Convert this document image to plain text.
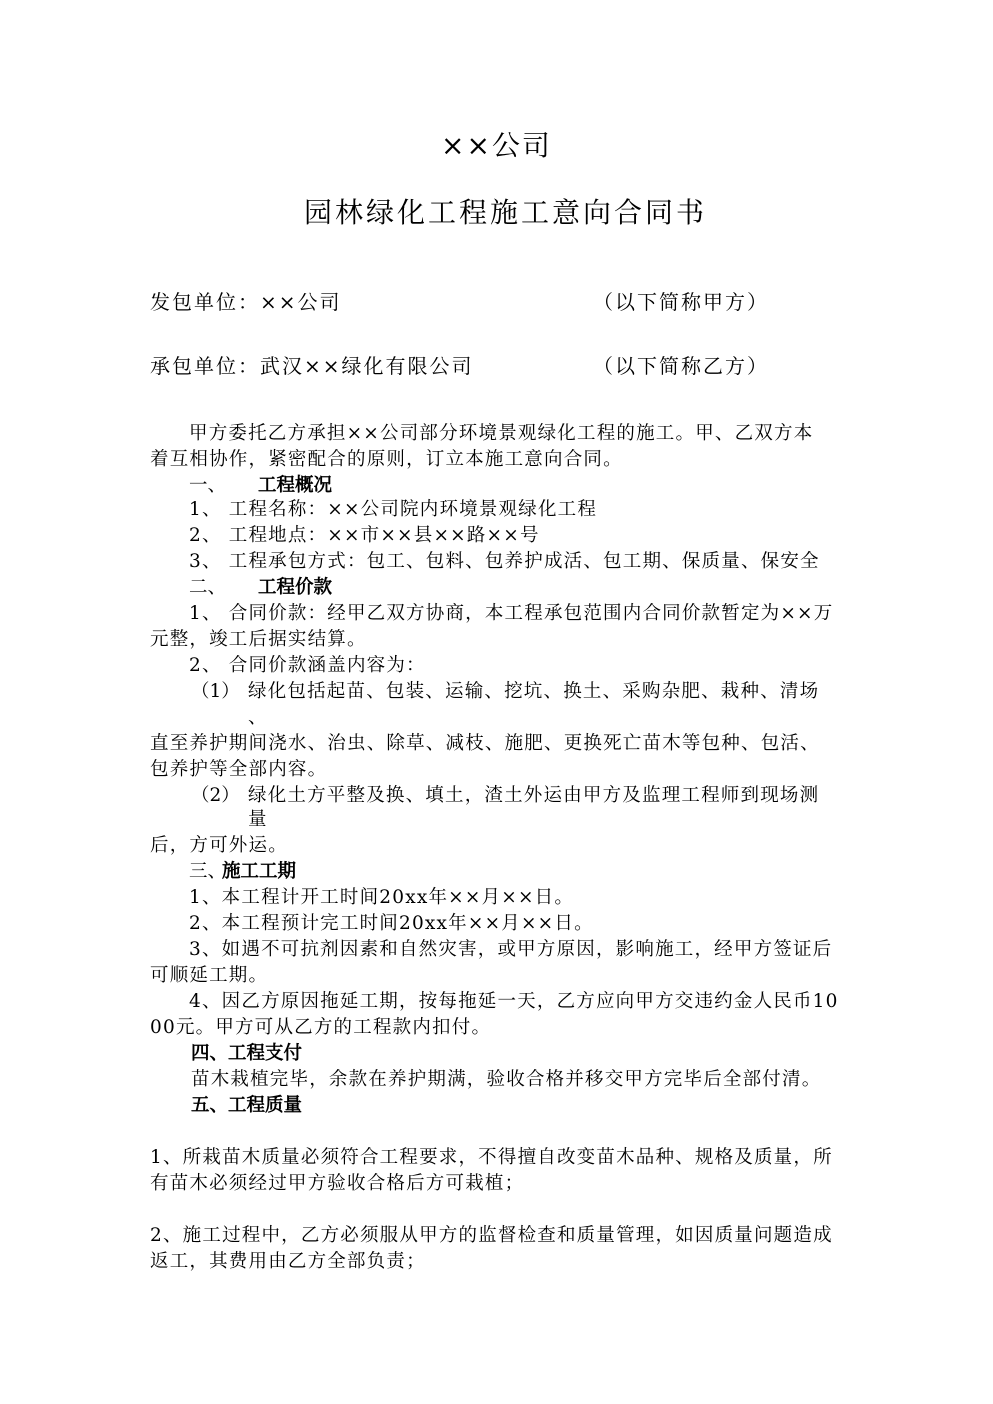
××公司
园林绿化工程施工意向合同书
发包单位：××公司	（以下简称甲方）
承包单位：武汉××绿化有限公司	（以下简称乙方）
甲方委托乙方承担××公司部分环境景观绿化工程的施工。甲、乙双方本
着互相协作，紧密配合的原则，订立本施工意向合同。
一、 工程概况
1、 工程名称：××公司院内环境景观绿化工程
2、 工程地点：××市××县××路××号
3、 工程承包方式：包工、包料、包养护成活、包工期、保质量、保安全
二、 工程价款
1、 合同价款：经甲乙双方协商，本工程承包范围内合同价款暂定为××万
元整，竣工后据实结算。
2、 合同价款涵盖内容为：
（1） 绿化包括起苗、包装、运输、挖坑、换土、采购杂肥、栽种、清场
、
直至养护期间浇水、治虫、除草、减枝、施肥、更换死亡苗木等包种、包活、
包养护等全部内容。
（2） 绿化土方平整及换、填土，渣土外运由甲方及监理工程师到现场测
量
后，方可外运。
三、
施工工期
1、本工程计开工时间20xx年××月××日。
2、本工程预计完工时间20xx年××月××日。
3、如遇不可抗剂因素和自然灾害，或甲方原因，影响施工，经甲方签证后
可顺延工期。
4、因乙方原因拖延工期，按每拖延一天，乙方应向甲方交违约金人民币10
00元。甲方可从乙方的工程款内扣付。
四、工程支付
苗木栽植完毕，余款在养护期满，验收合格并移交甲方完毕后全部付清。
五、工程质量
1、所栽苗木质量必须符合工程要求，不得擅自改变苗木品种、规格及质量，所
有苗木必须经过甲方验收合格后方可栽植；
2、施工过程中，乙方必须服从甲方的监督检查和质量管理，如因质量问题造成
返工，其费用由乙方全部负责；
